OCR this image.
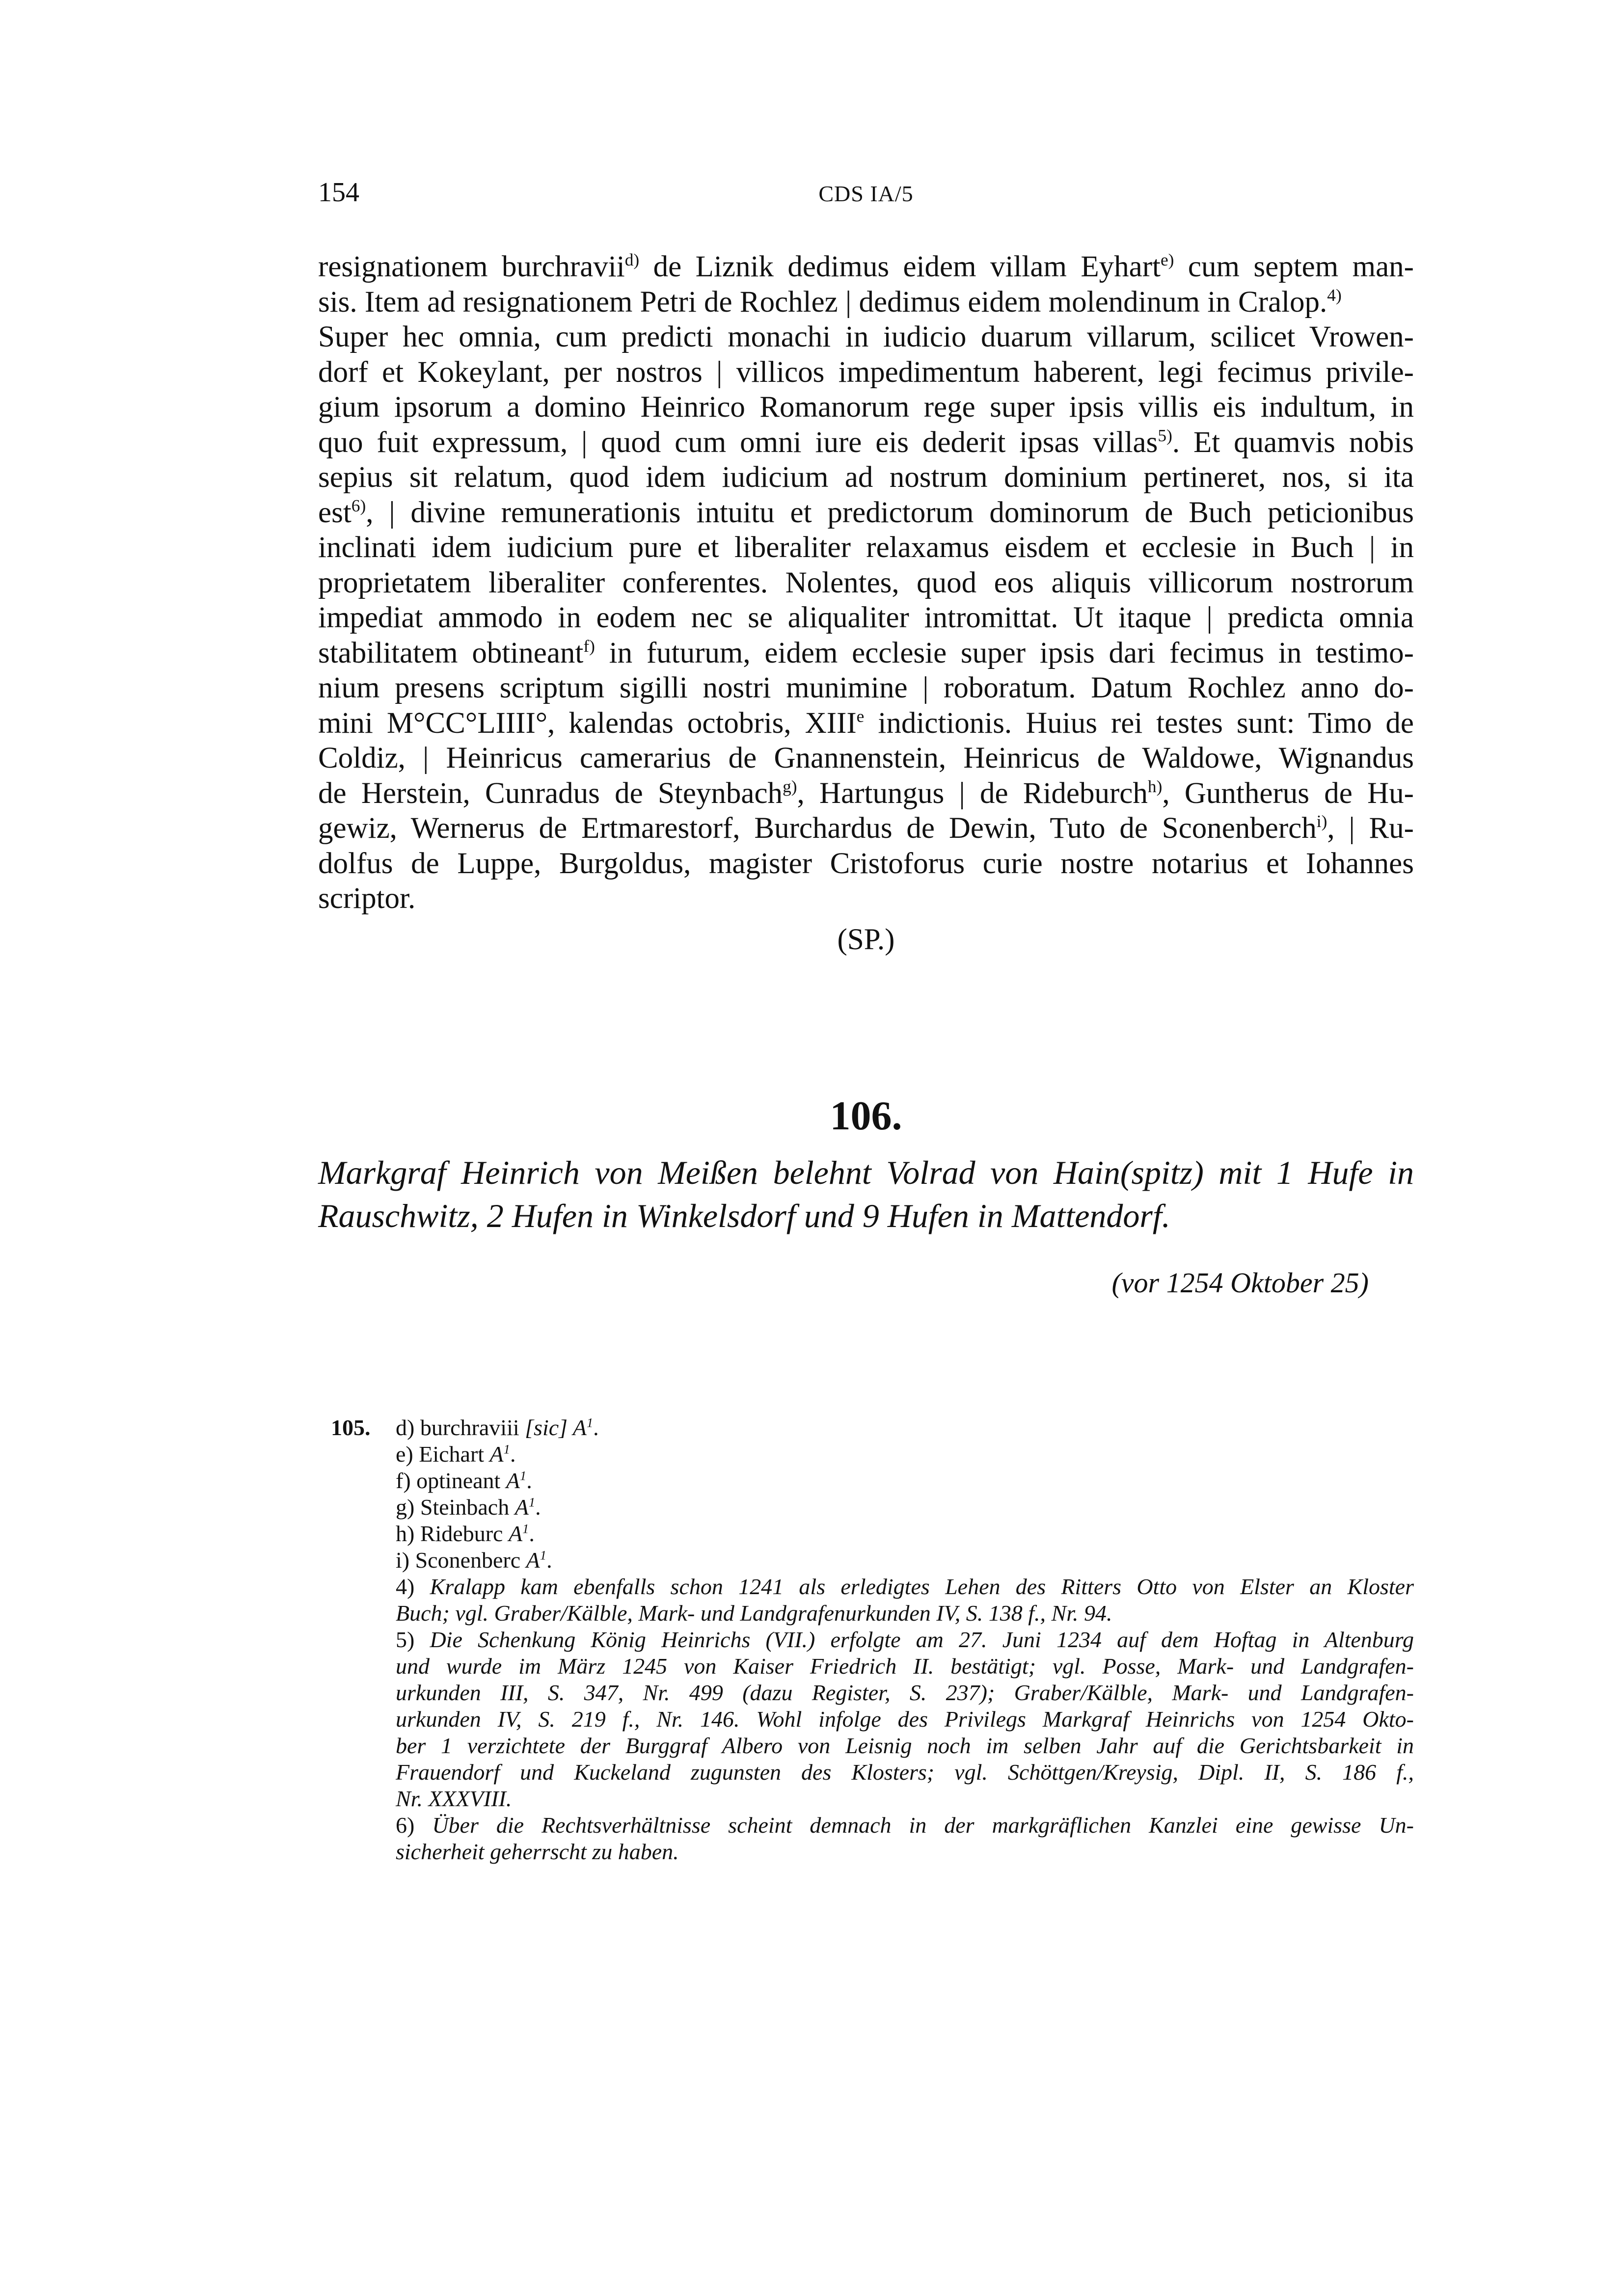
154	CDS IA/5
resignationem burchravii$^{d)}$ de Liznik dedimus eidem villam Eyhart$^{e)}$ cum septem man-
sis. Item ad resignationem Petri de Rochlez | dedimus eidem molendinum in Cralop.$^{4)}$
Super hec omnia, cum predicti monachi in iudicio duarum villarum, scilicet Vrowen-
dorf et Kokeylant, per nostros | villicos impedimentum haberent, legi fecimus privile-
gium ipsorum a domino Heinrico Romanorum rege super ipsis villis eis indultum, in
quo fuit expressum, | quod cum omni iure eis dederit ipsas villas$^{5)}$. Et quamvis nobis
sepius sit relatum, quod idem iudicium ad nostrum dominium pertineret, nos, si ita
est$^{6)}$, | divine remunerationis intuitu et predictorum dominorum de Buch peticionibus
inclinati idem iudicium pure et liberaliter relaxamus eisdem et ecclesie in Buch | in
proprietatem liberaliter conferentes. Nolentes, quod eos aliquis villicorum nostrorum
impediat ammodo in eodem nec se aliqualiter intromittat. Ut itaque | predicta omnia
stabilitatem obtineant$^{f)}$ in futurum, eidem ecclesie super ipsis dari fecimus in testimo-
nium presens scriptum sigilli nostri munimine | roboratum. Datum Rochlez anno do-
mini M°CC°LIIII°, kalendas octobris, XIIIe indictionis. Huius rei testes sunt: Timo de
Coldiz, | Heinricus camerarius de Gnannenstein, Heinricus de Waldowe, Wignandus
de Herstein, Cunradus de Steynbach$^{g)}$, Hartungus | de Rideburch$^{h)}$, Guntherus de Hu-
gewiz, Wernerus de Ertmarestorf, Burchardus de Dewin, Tuto de Sconenberch$^{i)}$, | Ru-
dolfus de Luppe, Burgoldus, magister Cristoforus curie nostre notarius et Iohannes
scriptor.
(SP.)
106.
Markgraf Heinrich von Meißen belehnt Volrad von Hain(spitz) mit 1 Hufe in
Rauschwitz, 2 Hufen in Winkelsdorf und 9 Hufen in Mattendorf.
(vor 1254 Oktober 25)
105. d) burchraviii [sic] $A^1$.
e) Eichart $A^1$.
f) optineant $A^1$.
g) Steinbach $A^1$.
h) Rideburc $A^1$.
i) Sconenberc $A^1$.
4) Kralapp kam ebenfalls schon 1241 als erledigtes Lehen des Ritters Otto von Elster an Kloster
Buch; vgl. Graber/Kälble, Mark- und Landgrafenurkunden IV, S. 138 f., Nr. 94.
5) Die Schenkung König Heinrichs (VII.) erfolgte am 27. Juni 1234 auf dem Hoftag in Altenburg
und wurde im März 1245 von Kaiser Friedrich II. bestätigt; vgl. Posse, Mark- und Landgrafen-
urkunden III, S. 347, Nr. 499 (dazu Register, S. 237); Graber/Kälble, Mark- und Landgrafen-
urkunden IV, S. 219 f., Nr. 146. Wohl infolge des Privilegs Markgraf Heinrichs von 1254 Okto-
ber 1 verzichtete der Burggraf Albero von Leisnig noch im selben Jahr auf die Gerichtsbarkeit in
Frauendorf und Kuckeland zugunsten des Klosters; vgl. Schöttgen/Kreysig, Dipl. II, S. 186 f.,
Nr. XXXVIII.
6) Über die Rechtsverhältnisse scheint demnach in der markgräflichen Kanzlei eine gewisse Un-
sicherheit geherrscht zu haben.
